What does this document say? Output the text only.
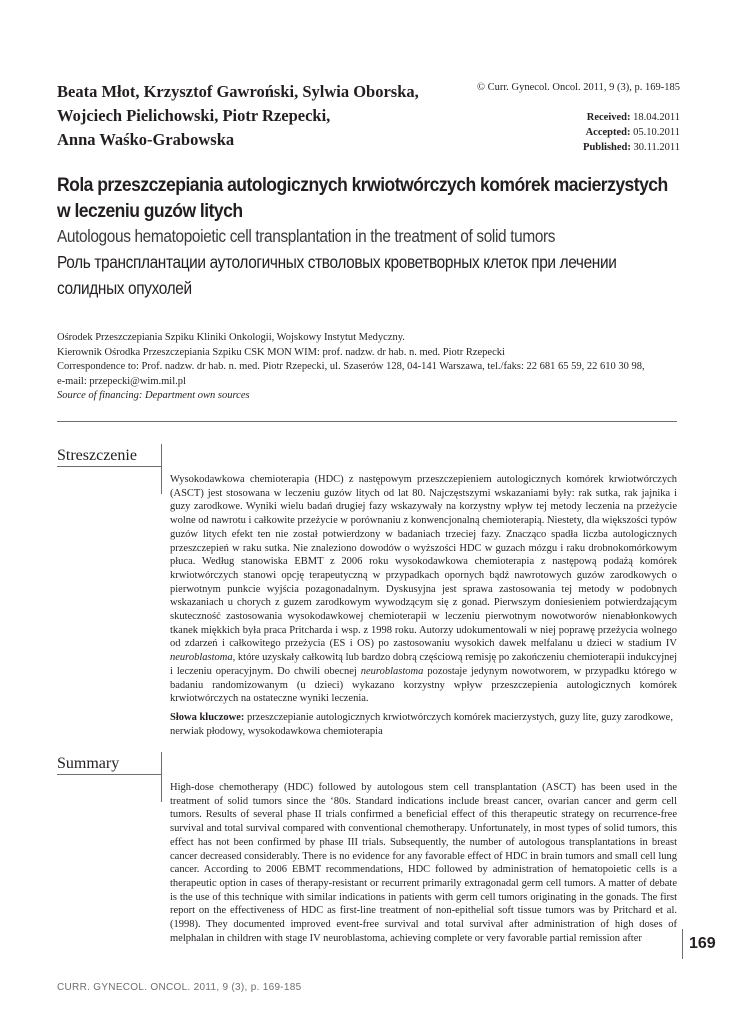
Beata Młot, Krzysztof Gawroński, Sylwia Oborska,
Wojciech Pielichowski, Piotr Rzepecki,
Anna Waśko-Grabowska
© Curr. Gynecol. Oncol. 2011, 9 (3), p. 169-185
Received: 18.04.2011
Accepted: 05.10.2011
Published: 30.11.2011
Rola przeszczepiania autologicznych krwiotwórczych komórek macierzystych
w leczeniu guzów litych
Autologous hematopoietic cell transplantation in the treatment of solid tumors
Роль трансплантации аутологичных стволовых кроветворных клеток при лечении
солидных опухолей
Ośrodek Przeszczepiania Szpiku Kliniki Onkologii, Wojskowy Instytut Medyczny.
Kierownik Ośrodka Przeszczepiania Szpiku CSK MON WIM: prof. nadzw. dr hab. n. med. Piotr Rzepecki
Correspondence to: Prof. nadzw. dr hab. n. med. Piotr Rzepecki, ul. Szaserów 128, 04-141 Warszawa, tel./faks: 22 681 65 59, 22 610 30 98,
e-mail: przepecki@wim.mil.pl
Source of financing: Department own sources
Streszczenie

Wysokodawkowa chemioterapia (HDC) z następowym przeszczepieniem autologicznych komórek krwiotwórczych (ASCT) jest stosowana w leczeniu guzów litych od lat 80. Najczęstszymi wskazaniami były: rak sutka, rak jajnika i guzy zarodkowe. Wyniki wielu badań drugiej fazy wskazywały na korzystny wpływ tej metody leczenia na przeżycie wolne od nawrotu i całkowite przeżycie w porównaniu z konwencjonalną chemioterapią. Niestety, dla większości typów guzów litych efekt ten nie został potwierdzony w badaniach trzeciej fazy. Znacząco spadła liczba autologicznych przeszczepień w raku sutka. Nie znaleziono dowodów o wyższości HDC w guzach mózgu i raku drobnokomórkowym płuca. Według stanowiska EBMT z 2006 roku wysokodawkowa chemioterapia z następową podażą komórek krwiotwórczych stanowi opcję terapeutyczną w przypadkach opornych bądź nawrotowych guzów zarodkowych o pierwotnym punkcie wyjścia pozagonadalnym. Dyskusyjna jest sprawa zastosowania tej metody w podobnych wskazaniach u chorych z guzem zarodkowym wywodzącym się z gonad. Pierwszym doniesieniem potwierdzającym skuteczność zastosowania wysokodawkowej chemioterapii w leczeniu pierwotnym nowotworów nienabłonkowych tkanek miękkich była praca Pritcharda i wsp. z 1998 roku. Autorzy udokumentowali w niej poprawę przeżycia wolnego od zdarzeń i całkowitego przeżycia (ES i OS) po zastosowaniu wysokich dawek melfalanu u dzieci w stadium IV neuroblastoma, które uzyskały całkowitą lub bardzo dobrą częściową remisję po zakończeniu chemioterapii indukcyjnej i leczeniu operacyjnym. Do chwili obecnej neuroblastoma pozostaje jedynym nowotworem, w przypadku którego w badaniu randomizowanym (u dzieci) wykazano korzystny wpływ przeszczepienia autologicznych komórek krwiotwórczych na ostateczne wyniki leczenia.

Słowa kluczowe: przeszczepianie autologicznych krwiotwórczych komórek macierzystych, guzy lite, guzy zarodkowe, nerwiak płodowy, wysokodawkowa chemioterapia
Summary

High-dose chemotherapy (HDC) followed by autologous stem cell transplantation (ASCT) has been used in the treatment of solid tumors since the ‘80s. Standard indications include breast cancer, ovarian cancer and germ cell tumors. Results of several phase II trials confirmed a beneficial effect of this therapeutic strategy on recurrence-free survival and total survival compared with conventional chemotherapy. Unfortunately, in most types of solid tumors, this effect has not been confirmed by phase III trials. Subsequently, the number of autologous transplantations in breast cancer decreased considerably. There is no evidence for any favorable effect of HDC in brain tumors and small cell lung cancer. According to 2006 EBMT recommendations, HDC followed by administration of hematopoietic cells is a therapeutic option in cases of therapy-resistant or recurrent primarily extragonadal germ cell tumors. A matter of debate is the use of this technique with similar indications in patients with germ cell tumors originating in the gonads. The first report on the effectiveness of HDC as first-line treatment of non-epithelial soft tissue tumors was by Pritchard et al. (1998). They documented improved event-free survival and total survival after administration of high doses of melphalan in children with stage IV neuroblastoma, achieving complete or very favorable partial remission after	169
CURR. GYNECOL. ONCOL. 2011, 9 (3), p. 169-185
